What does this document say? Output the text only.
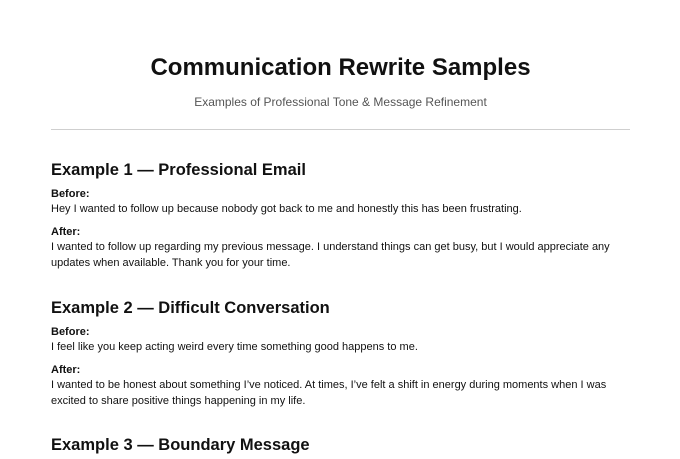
Communication Rewrite Samples
Examples of Professional Tone & Message Refinement
Example 1 — Professional Email

Before:

Hey I wanted to follow up because nobody got back to me and honestly this has been frustrating.

After:

I wanted to follow up regarding my previous message. I understand things can get busy, but I would appreciate any updates when available. Thank you for your time.

Example 2 — Difficult Conversation

Before:

I feel like you keep acting weird every time something good happens to me.

After:

I wanted to be honest about something I’ve noticed. At times, I’ve felt a shift in energy during moments when I was excited to share positive things happening in my life.

Example 3 — Boundary Message
